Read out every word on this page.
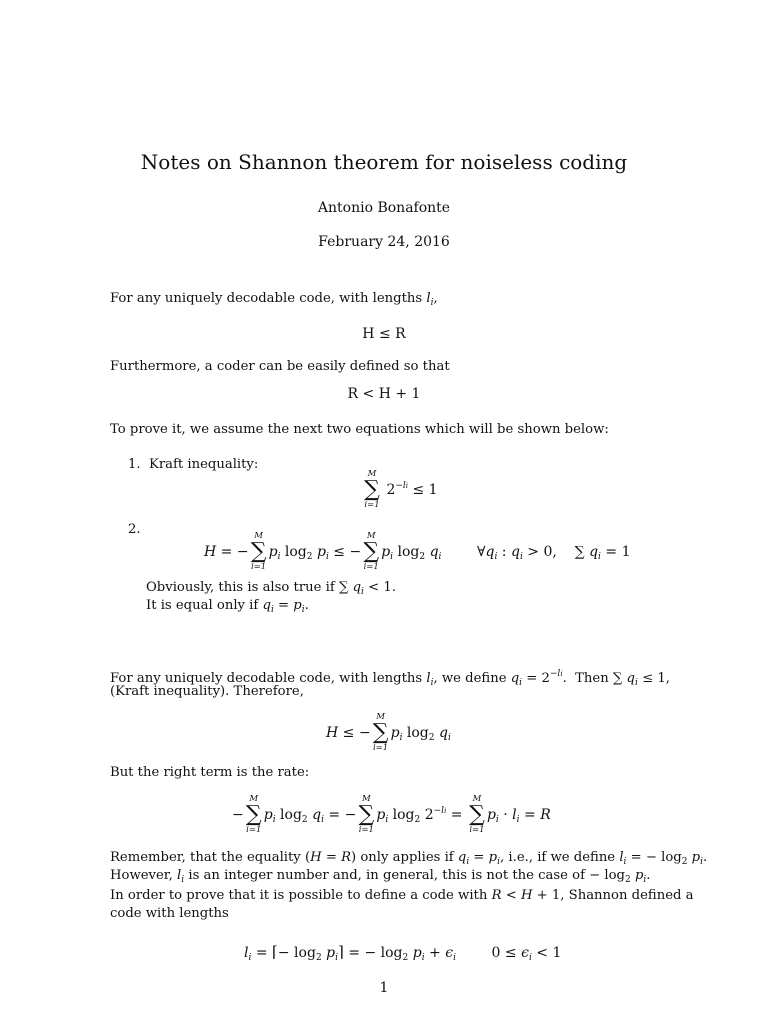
Notes on Shannon theorem for noiseless coding
Antonio Bonafonte
February 24, 2016
For any uniquely decodable code, with lengths $l_i$,
H ≤ R
Furthermore, a coder can be easily defined so that
R < H + 1
To prove it, we assume the next two equations which will be shown below:
1. Kraft inequality:
M
∑
i=1
$2^{-li} \le 1$
2.
H = −
M
∑
i=1
$p_i$ $\log_2 p_i$ ≤ −
M
∑
i=1
$p_i$ $\log_2 q_i$        $\forall q_i$ : $q_i > 0$,    ∑ $q_i = 1$
Obviously, this is also true if ∑ $q_i < 1$.
It is equal only if $q_i = p_i$.
For any uniquely decodable code, with lengths $l_i$, we define $q_i = 2^{-li}$.  Then ∑ $q_i \le 1$,
(Kraft inequality). Therefore,
H ≤ −
M
∑
i=1
$p_i$ $\log_2 q_i$
But the right term is the rate:
−
M
∑
i=1
$p_i$ $\log_2 q_i$ = −
M
∑
i=1
$p_i$ $\log_2 2^{-li}$ =
M
∑
i=1
$p_i \cdot l_i = R$
Remember, that the equality (H = R) only applies if $q_i = p_i$, i.e., if we define $l_i$ = − $\log_2 p_i$.
However, $l_i$ is an integer number and, in general, this is not the case of − $\log_2 p_i$.
In order to prove that it is possible to define a code with R < H + 1, Shannon defined a
code with lengths
$l_i$ = ⌈− $\log_2$ $p_i⌉$ = − $\log_2 p_i + \epsilon_i$        $0 \le \epsilon_i < 1$
1
